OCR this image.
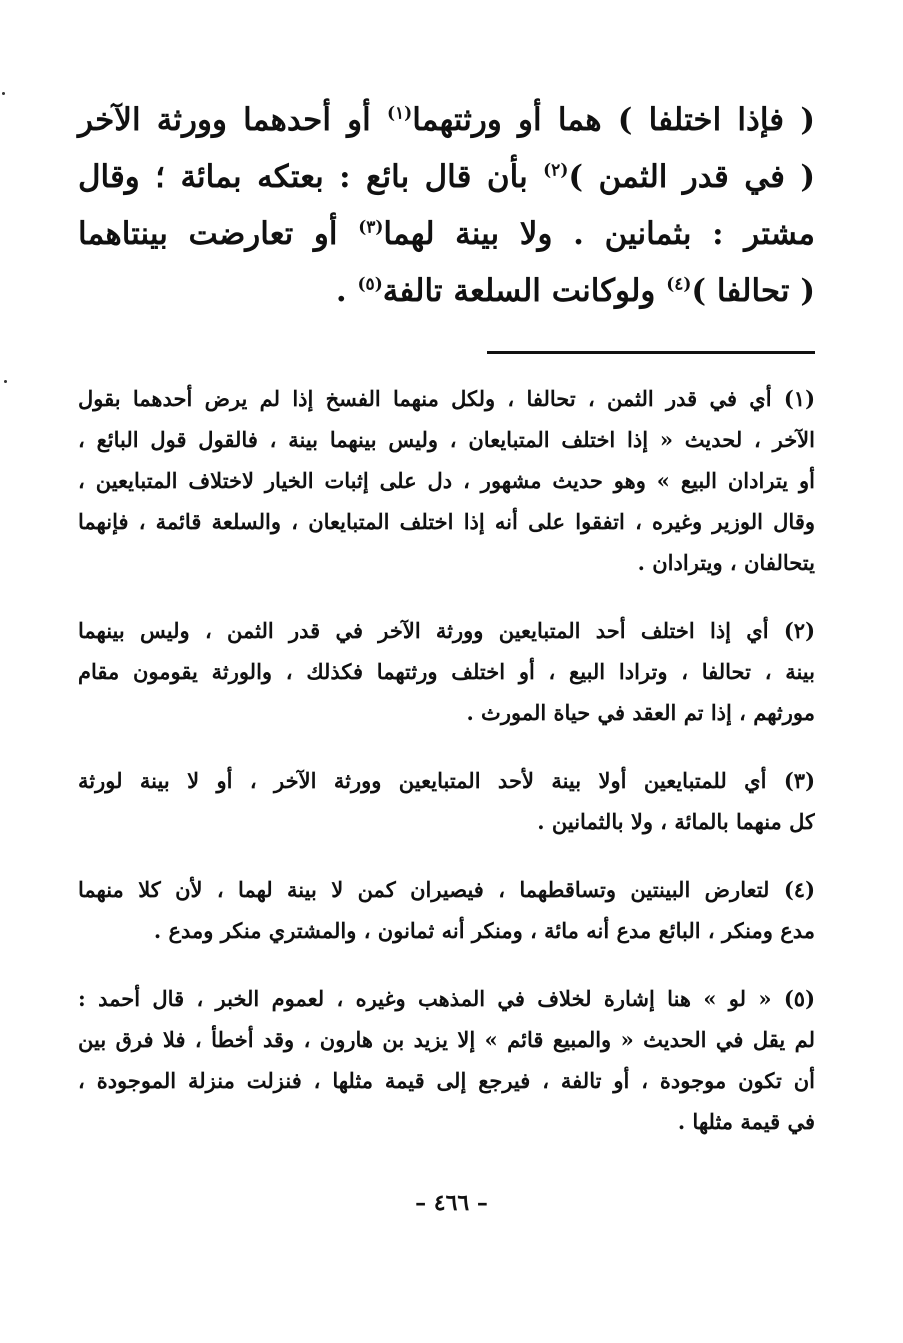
( فإذا اختلفا ) هما أو ورثتهما$^{(١)}$ أو أحدهما وورثة الآخر
( في قدر الثمن )$^{(٢)}$ بأن قال بائع : بعتكه بمائة ؛ وقال
مشتر : بثمانين . ولا بينة لهما$^{(٣)}$ أو تعارضت بينتاهما
( تحالفا )$^{(٤)}$ ولوكانت السلعة تالفة$^{(٥)}$ .
(١) أي في قدر الثمن ، تحالفا ، ولكل منهما الفسخ إذا لم يرض أحدهما بقول
الآخر ، لحديث « إذا اختلف المتبايعان ، وليس بينهما بينة ، فالقول قول البائع ،
أو يترادان البيع » وهو حديث مشهور ، دل على إثبات الخيار لاختلاف المتبايعين ،
وقال الوزير وغيره ، اتفقوا على أنه إذا اختلف المتبايعان ، والسلعة قائمة ، فإنهما
يتحالفان ، ويترادان .
(٢) أي إذا اختلف أحد المتبايعين وورثة الآخر في قدر الثمن ، وليس بينهما
بينة ، تحالفا ، وترادا البيع ، أو اختلف ورثتهما فكذلك ، والورثة يقومون مقام
مورثهم ، إذا تم العقد في حياة المورث .
(٣) أي للمتبايعين أولا بينة لأحد المتبايعين وورثة الآخر ، أو لا بينة لورثة
كل منهما بالمائة ، ولا بالثمانين .
(٤) لتعارض البينتين وتساقطهما ، فيصيران كمن لا بينة لهما ، لأن كلا منهما
مدع ومنكر ، البائع مدع أنه مائة ، ومنكر أنه ثمانون ، والمشتري منكر ومدع .
(٥) « لو » هنا إشارة لخلاف في المذهب وغيره ، لعموم الخبر ، قال أحمد :
لم يقل في الحديث « والمبيع قائم » إلا يزيد بن هارون ، وقد أخطأ ، فلا فرق بين
أن تكون موجودة ، أو تالفة ، فيرجع إلى قيمة مثلها ، فنزلت منزلة الموجودة ،
في قيمة مثلها .
– ٤٦٦ –
